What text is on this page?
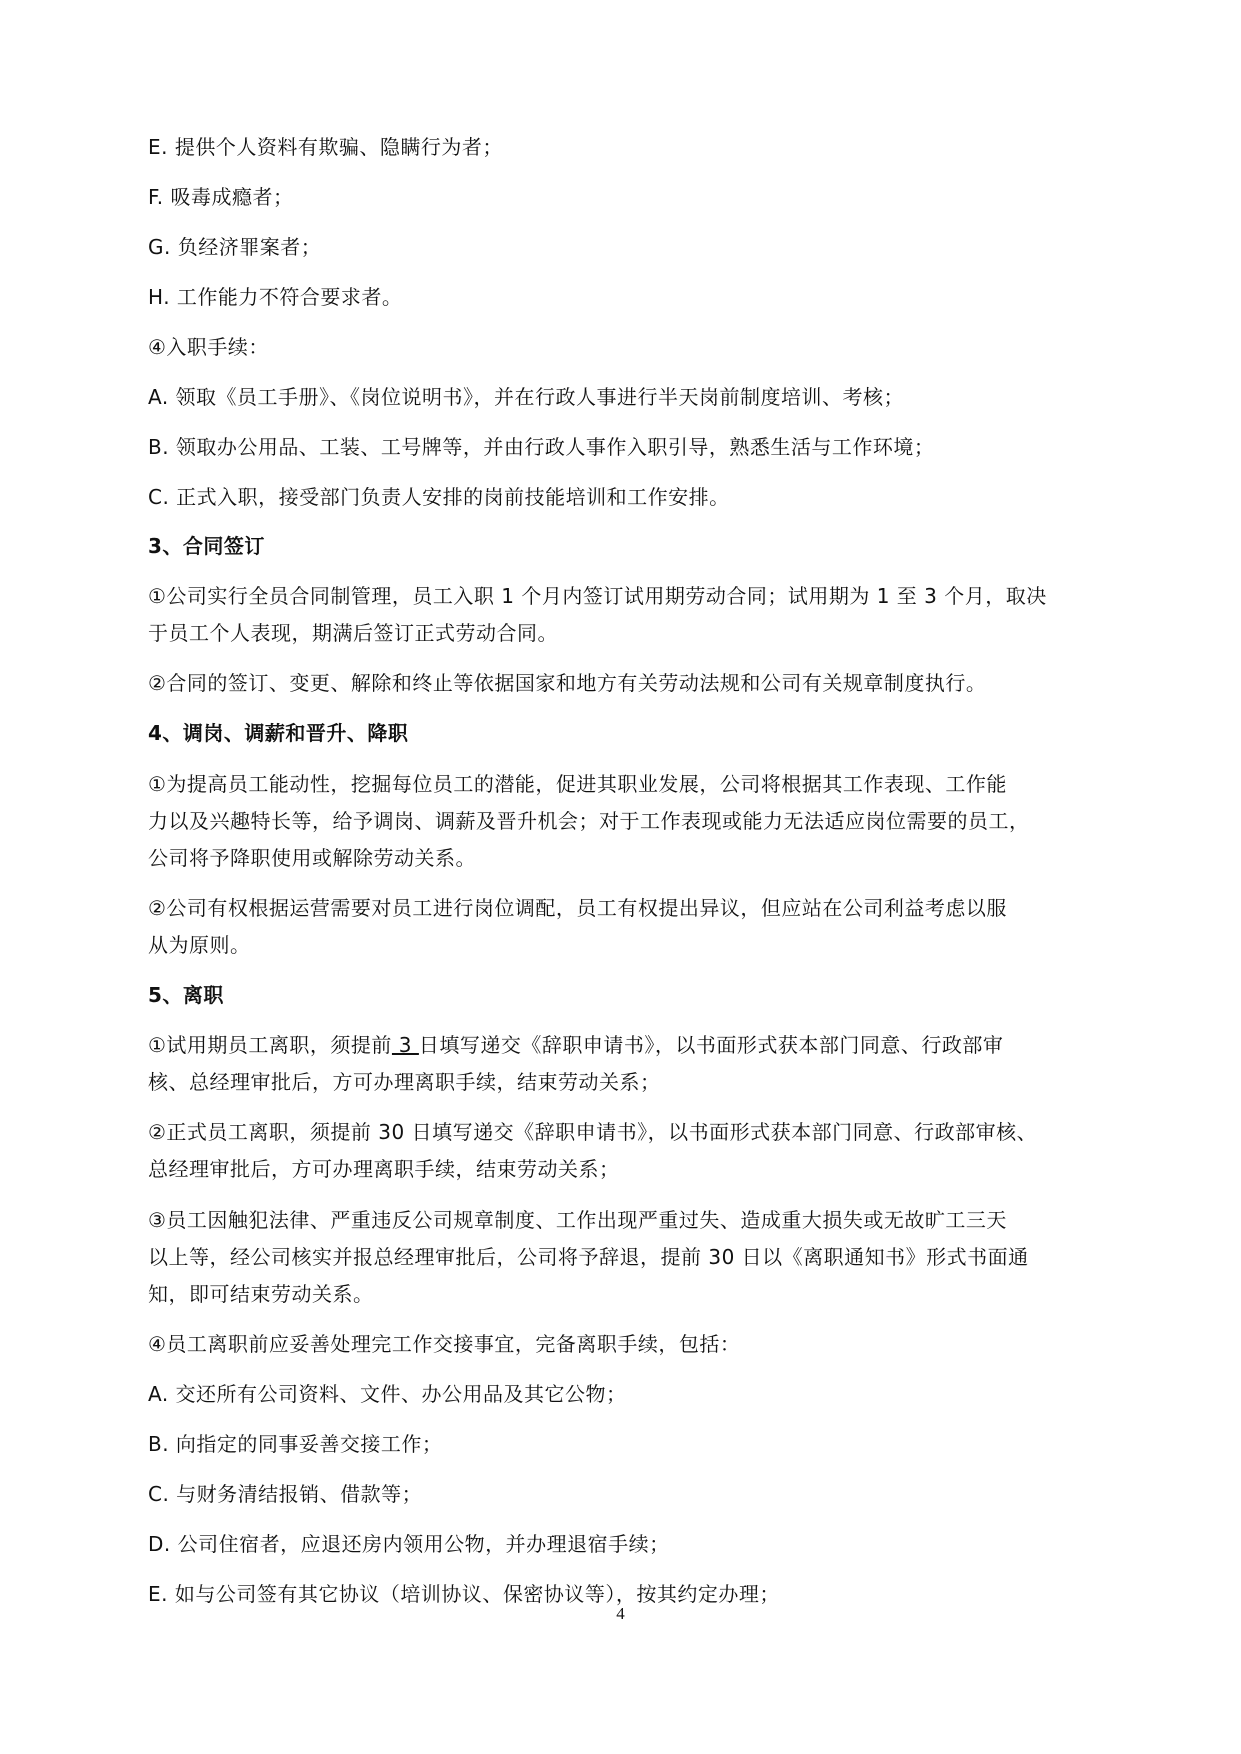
E. 提供个人资料有欺骗、隐瞒行为者；
F. 吸毒成瘾者；
G. 负经济罪案者；
H. 工作能力不符合要求者。
④入职手续：
A. 领取《员工手册》、《岗位说明书》，并在行政人事进行半天岗前制度培训、考核；
B. 领取办公用品、工装、工号牌等，并由行政人事作入职引导，熟悉生活与工作环境；
C. 正式入职，接受部门负责人安排的岗前技能培训和工作安排。
3、合同签订
①公司实行全员合同制管理，员工入职 1 个月内签订试用期劳动合同；试用期为 1 至 3 个月，取决
于员工个人表现，期满后签订正式劳动合同。
②合同的签订、变更、解除和终止等依据国家和地方有关劳动法规和公司有关规章制度执行。
4、调岗、调薪和晋升、降职
①为提高员工能动性，挖掘每位员工的潜能，促进其职业发展，公司将根据其工作表现、工作能
力以及兴趣特长等，给予调岗、调薪及晋升机会；对于工作表现或能力无法适应岗位需要的员工，
公司将予降职使用或解除劳动关系。
②公司有权根据运营需要对员工进行岗位调配，员工有权提出异议，但应站在公司利益考虑以服
从为原则。
5、离职
①试用期员工离职，须提前 3 日填写递交《辞职申请书》，以书面形式获本部门同意、行政部审
核、总经理审批后，方可办理离职手续，结束劳动关系；
②正式员工离职，须提前 30 日填写递交《辞职申请书》，以书面形式获本部门同意、行政部审核、
总经理审批后，方可办理离职手续，结束劳动关系；
③员工因触犯法律、严重违反公司规章制度、工作出现严重过失、造成重大损失或无故旷工三天
以上等，经公司核实并报总经理审批后，公司将予辞退，提前 30 日以《离职通知书》形式书面通
知，即可结束劳动关系。
④员工离职前应妥善处理完工作交接事宜，完备离职手续，包括：
A. 交还所有公司资料、文件、办公用品及其它公物；
B. 向指定的同事妥善交接工作；
C. 与财务清结报销、借款等；
D. 公司住宿者，应退还房内领用公物，并办理退宿手续；
E. 如与公司签有其它协议（培训协议、保密协议等），按其约定办理；
4
